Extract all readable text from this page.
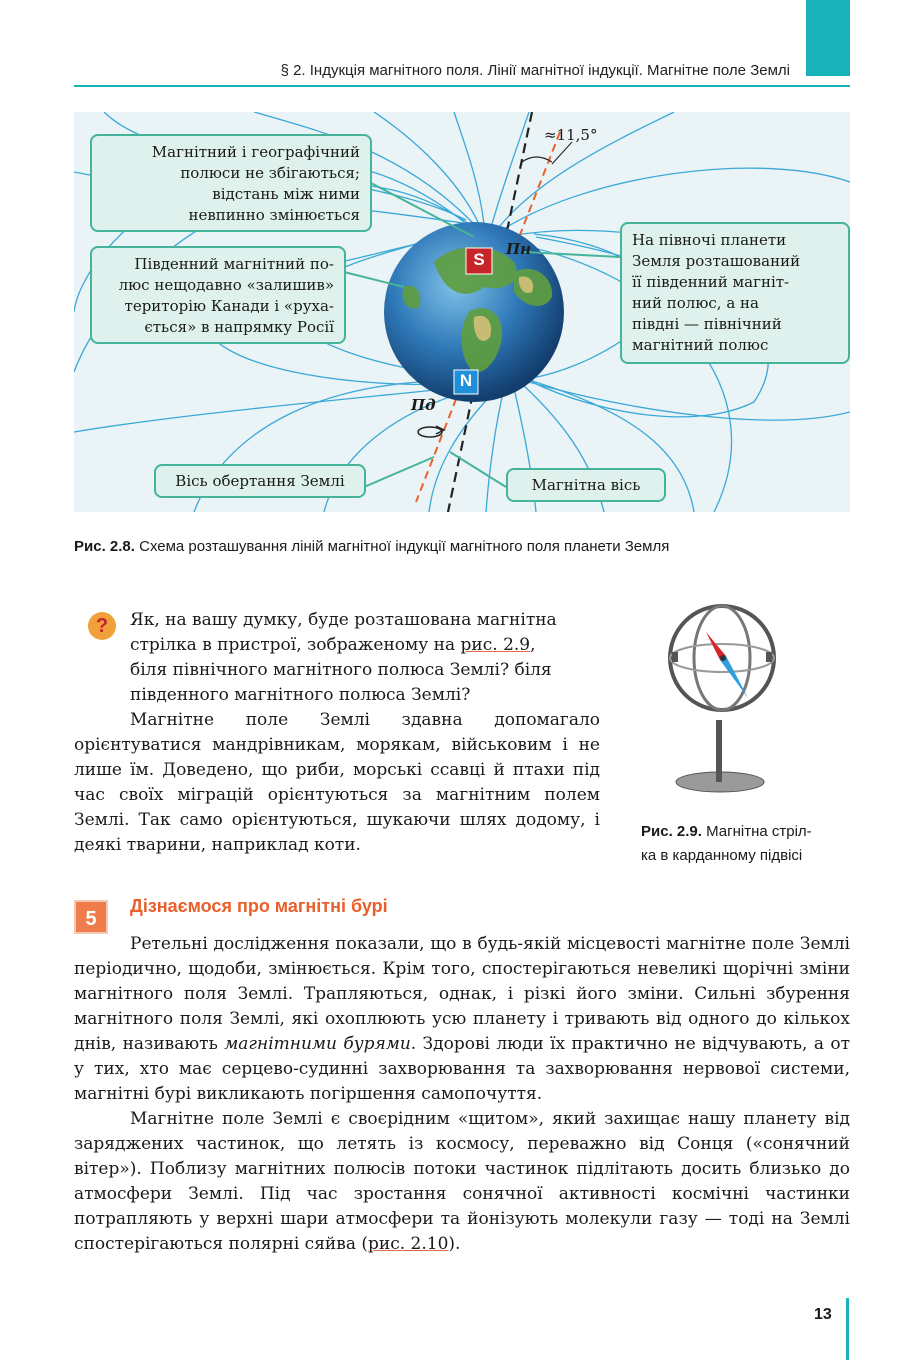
§ 2. Індукція магнітного поля. Лінії магнітної індукції. Магнітне поле Землі
≈11,5°
S
N
Пн
Пд
Магнітний і географічний
полюси не збігаються;
відстань між ними
невпинно змінюється
Південний магнітний по-
люс нещодавно «залишив»
територію Канади і «руха-
ється» в напрямку Росії
На півночі планети
Земля розташований
її південний магніт-
ний полюс, а на
півдні — північний
магнітний полюс
Вісь обертання Землі	Магнітна вісь
Рис. 2.8. Схема розташування ліній магнітної індукції магнітного поля планети Земля
?	Як, на вашу думку, буде розташована магнітна
стрілка в пристрої, зображеному на рис. 2.9,
біля північного магнітного полюса Землі? біля
південного магнітного полюса Землі?

Магнітне поле Землі здавна допомагало орієнтуватися мандрівникам, морякам, військовим і не лише їм. Доведено, що риби, морські ссавці й птахи під час своїх міграцій орієнтуються за магнітним полем Землі. Так само орієнтуються, шукаючи шлях додому, і деякі тварини, наприклад коти.

Рис. 2.9. Магнітна стріл-
ка в карданному підвісі
5
Дізнаємося про магнітні бурі

Ретельні дослідження показали, що в будь-якій місцевості магнітне поле Землі періодично, щодоби, змінюється. Крім того, спостерігаються невеликі щорічні зміни магнітного поля Землі. Трапляються, однак, і різкі його зміни. Сильні збурення магнітного поля Землі, які охоплюють усю планету і тривають від одного до кількох днів, називають магнітними бурями. Здорові люди їх практично не відчувають, а от у тих, хто має серцево-судинні захворювання та захворювання нервової системи, магнітні бурі викликають погіршення самопочуття.

Магнітне поле Землі є своєрідним «щитом», який захищає нашу планету від заряджених частинок, що летять із космосу, переважно від Сонця («сонячний вітер»). Поблизу магнітних полюсів потоки частинок підлітають досить близько до атмосфери Землі. Під час зростання сонячної активності космічні частинки потрапляють у верхні шари атмосфери та йонізують молекули газу — тоді на Землі спостерігаються полярні сяйва (рис. 2.10).

13
